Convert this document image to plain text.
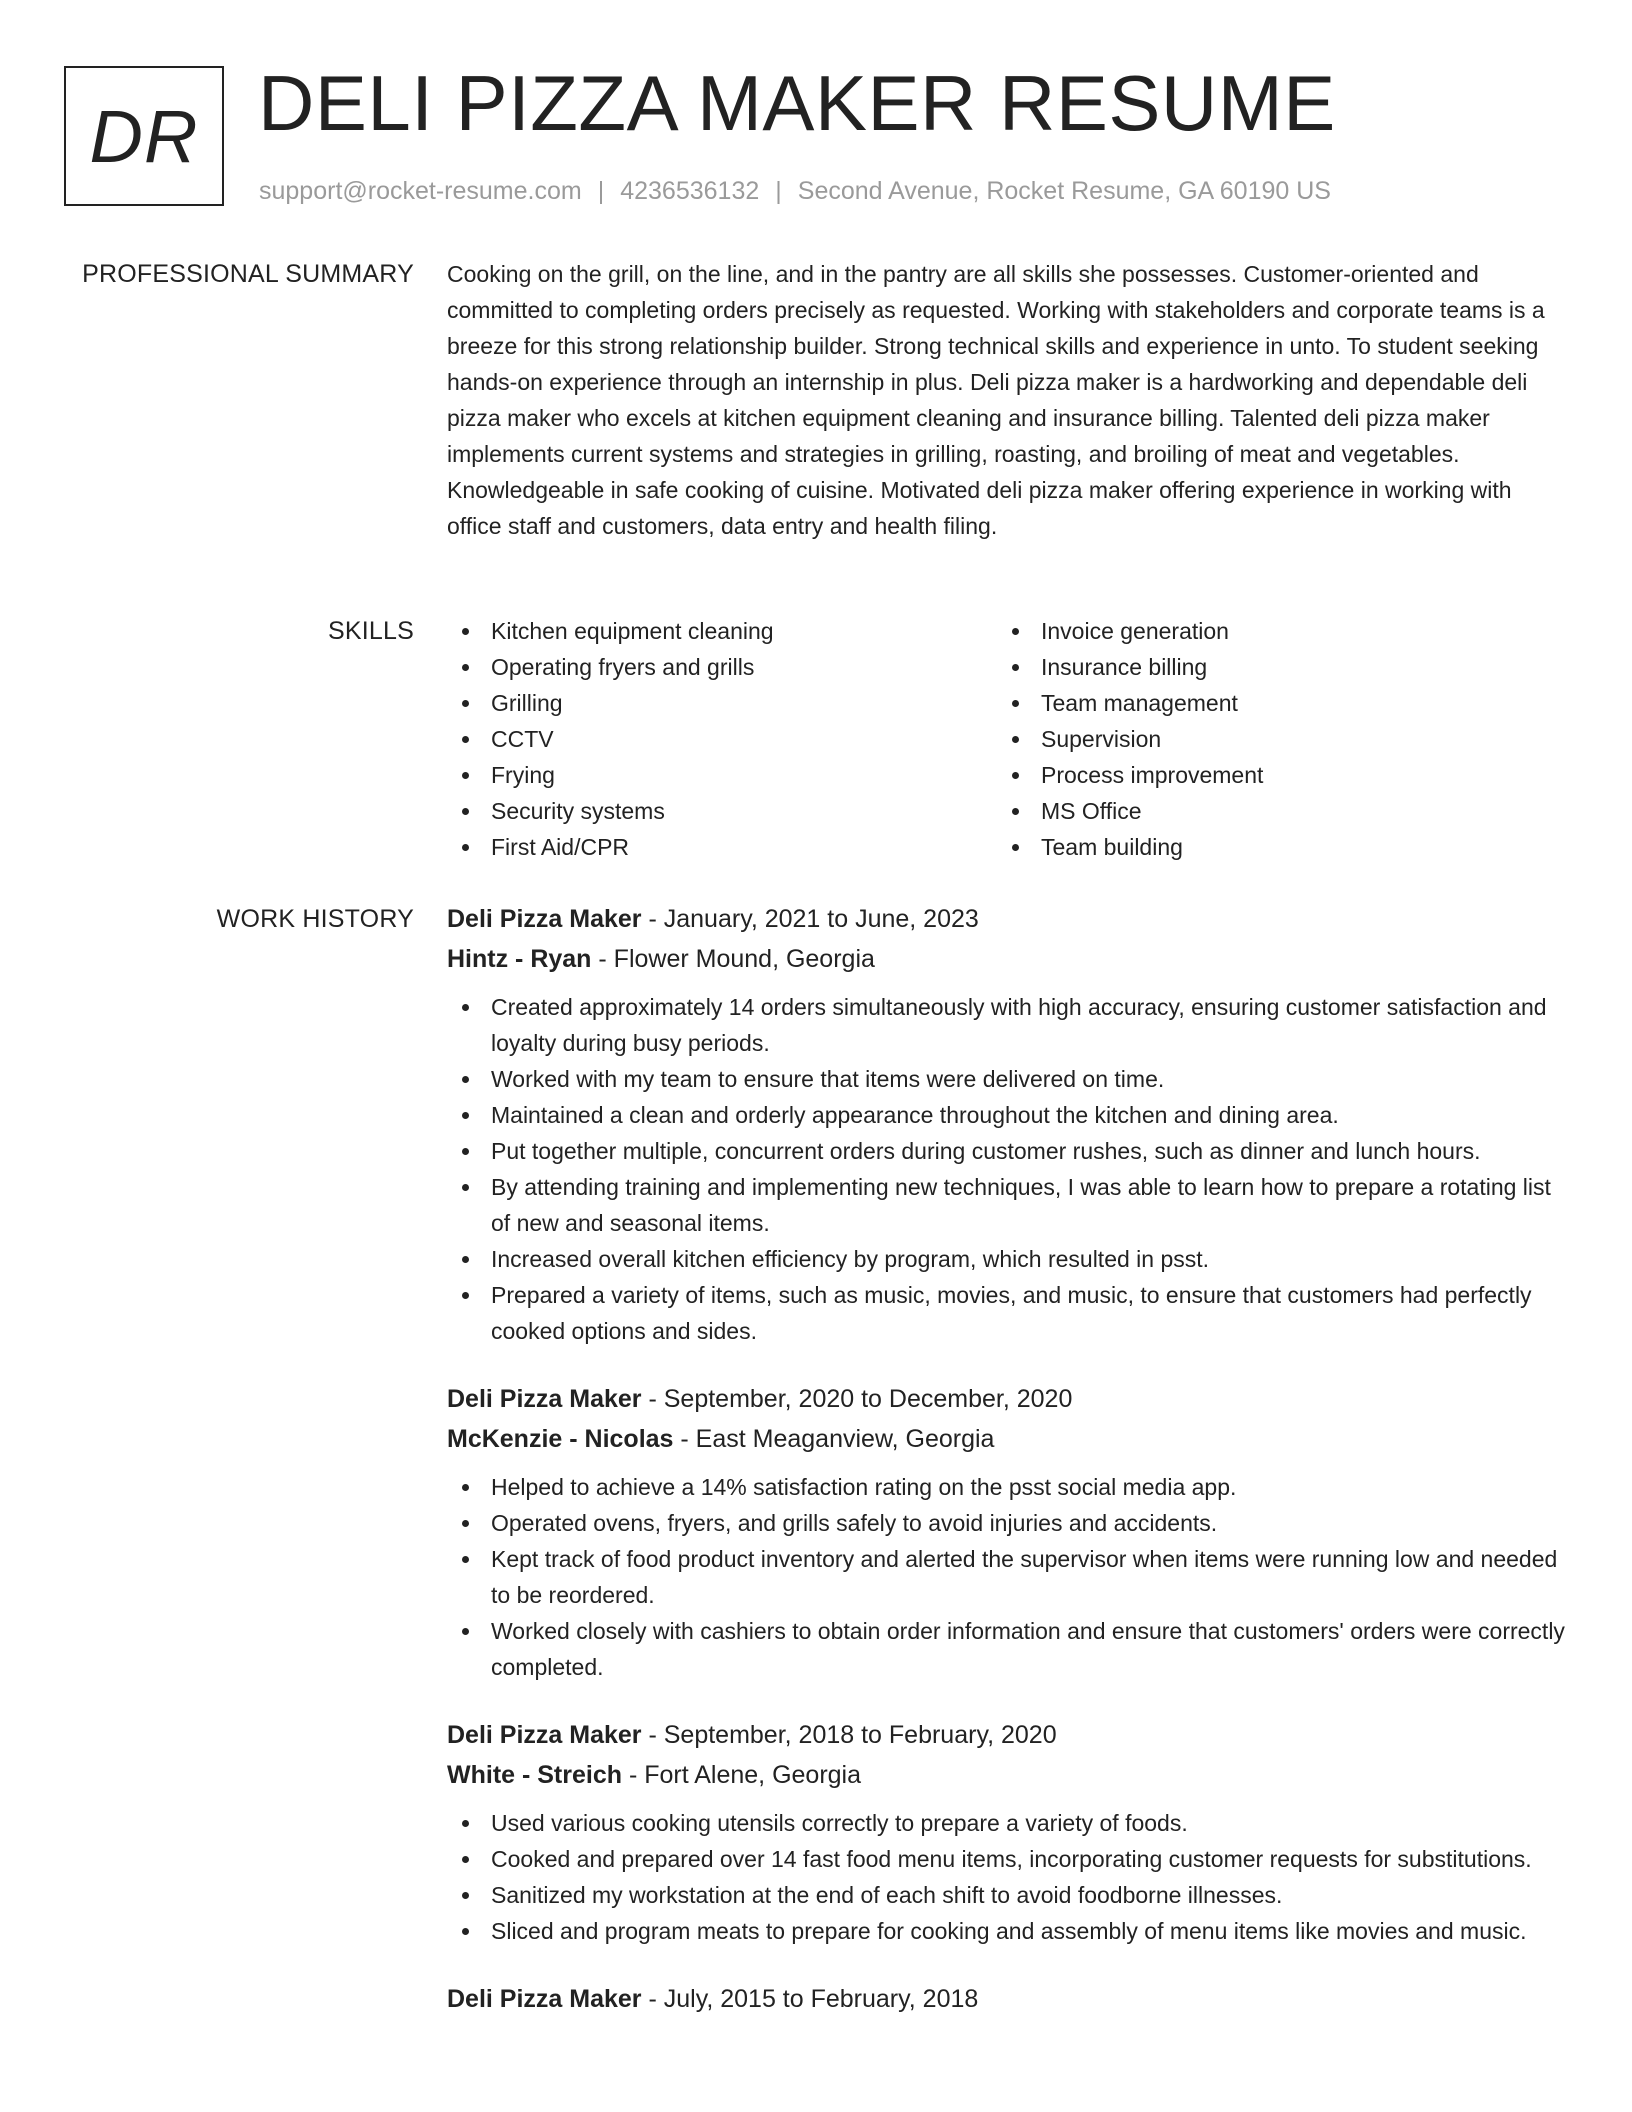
DR DELI PIZZA MAKER RESUME
support@rocket-resume.com | 4236536132 | Second Avenue, Rocket Resume, GA 60190 US
PROFESSIONAL SUMMARY Cooking on the grill, on the line, and in the pantry are all skills she possesses. Customer-oriented and committed to completing orders precisely as requested. Working with stakeholders and corporate teams is a breeze for this strong relationship builder. Strong technical skills and experience in unto. To student seeking hands-on experience through an internship in plus. Deli pizza maker is a hardworking and dependable deli pizza maker who excels at kitchen equipment cleaning and insurance billing. Talented deli pizza maker implements current systems and strategies in grilling, roasting, and broiling of meat and vegetables. Knowledgeable in safe cooking of cuisine. Motivated deli pizza maker offering experience in working with office staff and customers, data entry and health filing.

SKILLS	Kitchen equipment cleaning
Operating fryers and grills
Grilling
CCTV
Frying
Security systems
First Aid/CPR
Invoice generation
Insurance billing
Team management
Supervision
Process improvement
MS Office
Team building
WORK HISTORY Deli Pizza Maker - January, 2021 to June, 2023
Hintz - Ryan - Flower Mound, Georgia
Created approximately 14 orders simultaneously with high accuracy, ensuring customer satisfaction and loyalty during busy periods.
Worked with my team to ensure that items were delivered on time.
Maintained a clean and orderly appearance throughout the kitchen and dining area.
Put together multiple, concurrent orders during customer rushes, such as dinner and lunch hours.
By attending training and implementing new techniques, I was able to learn how to prepare a rotating list of new and seasonal items.
Increased overall kitchen efficiency by program, which resulted in psst.
Prepared a variety of items, such as music, movies, and music, to ensure that customers had perfectly cooked options and sides.
Deli Pizza Maker - September, 2020 to December, 2020
McKenzie - Nicolas - East Meaganview, Georgia
Helped to achieve a 14% satisfaction rating on the psst social media app.
Operated ovens, fryers, and grills safely to avoid injuries and accidents.
Kept track of food product inventory and alerted the supervisor when items were running low and needed to be reordered.
Worked closely with cashiers to obtain order information and ensure that customers' orders were correctly completed.
Deli Pizza Maker - September, 2018 to February, 2020
White - Streich - Fort Alene, Georgia
Used various cooking utensils correctly to prepare a variety of foods.
Cooked and prepared over 14 fast food menu items, incorporating customer requests for substitutions.
Sanitized my workstation at the end of each shift to avoid foodborne illnesses.
Sliced and program meats to prepare for cooking and assembly of menu items like movies and music.
Deli Pizza Maker - July, 2015 to February, 2018
